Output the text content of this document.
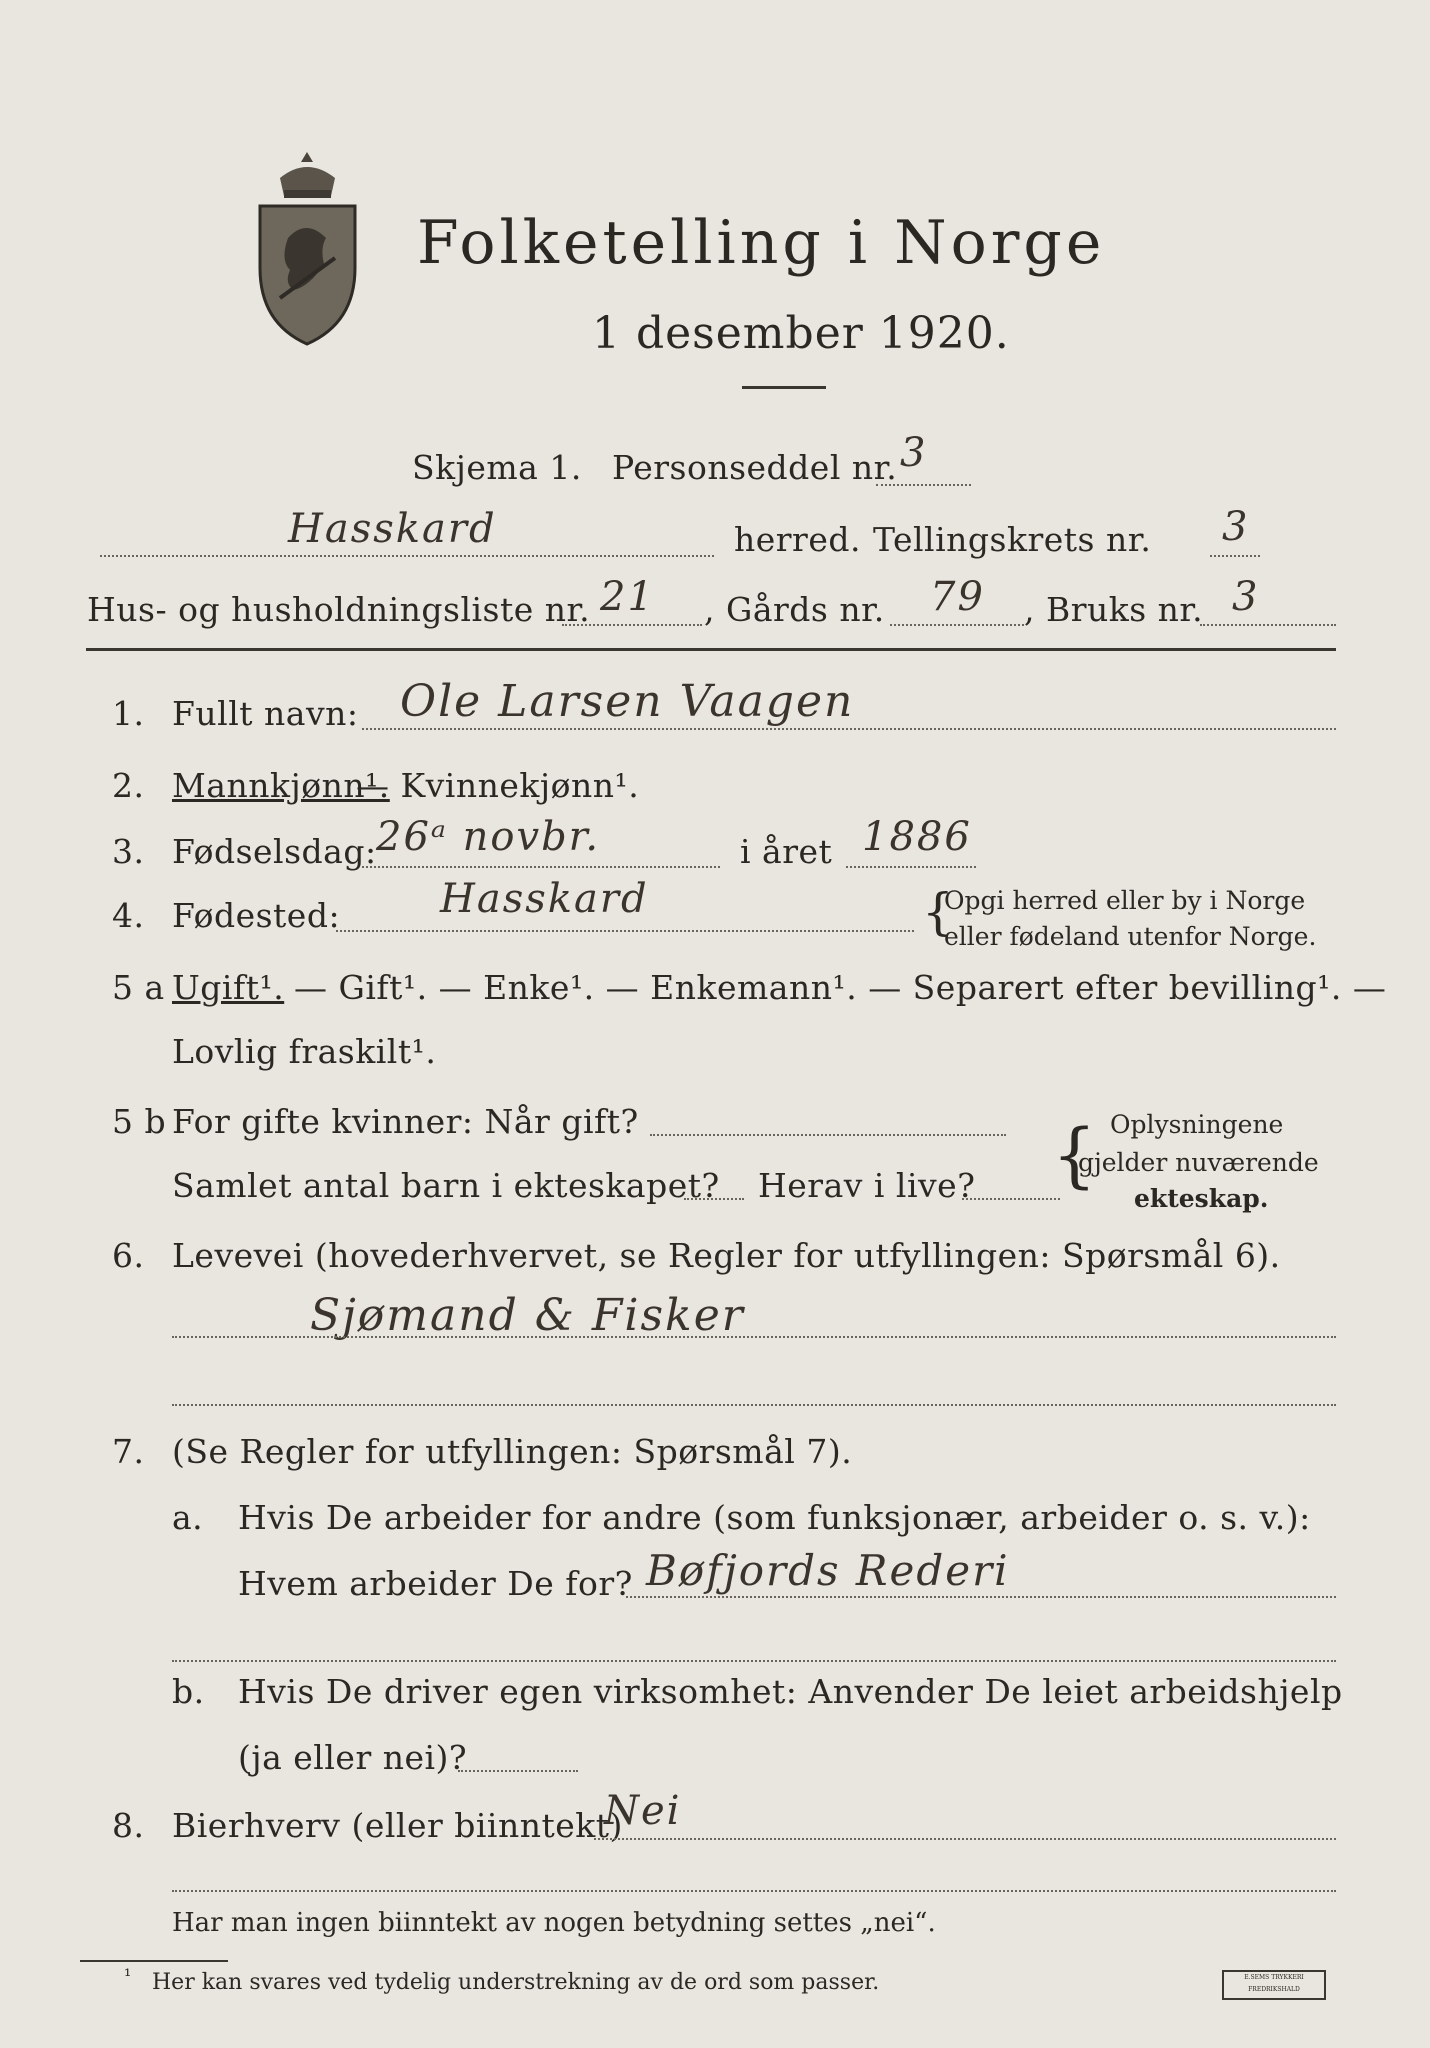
Folketelling i Norge
1 desember 1920.
Skjema 1. Personseddel nr. 3
Hasskard	herred. Tellingskrets nr. 3
Hus- og husholdningsliste nr. 21 , Gårds nr. 79 , Bruks nr. 3
1. Fullt navn: Ole Larsen Vaagen
2. Mannkjønn¹.
— Kvinnekjønn¹.
3. Fødselsdag: 26ᵃ novbr.	i året 1886
4. Fødested: Hasskard	{
Opgi herred eller by i Norge
eller fødeland utenfor Norge.
5 a Ugift¹. — Gift¹. — Enke¹. — Enkemann¹. — Separert efter bevilling¹. —
Lovlig fraskilt¹.
5 b For gifte kvinner: Når gift?
Samlet antal barn i ekteskapet? Herav i live? { Oplysningene
gjelder nuværende
ekteskap.
6. Levevei (hovederhvervet, se Regler for utfyllingen: Spørsmål 6).
Sjømand & Fisker
7. (Se Regler for utfyllingen: Spørsmål 7).
a. Hvis De arbeider for andre (som funksjonær, arbeider o. s. v.):
Hvem arbeider De for? Bøfjords Rederi
b. Hvis De driver egen virksomhet: Anvender De leiet arbeidshjelp
(ja eller nei)?
8. Bierhverv (eller biinntekt)
Nei
Har man ingen biinntekt av nogen betydning settes „nei“.
¹ Her kan svares ved tydelig understrekning av de ord som passer.	E.SEMS TRYKKERI FREDRIKSHALD
